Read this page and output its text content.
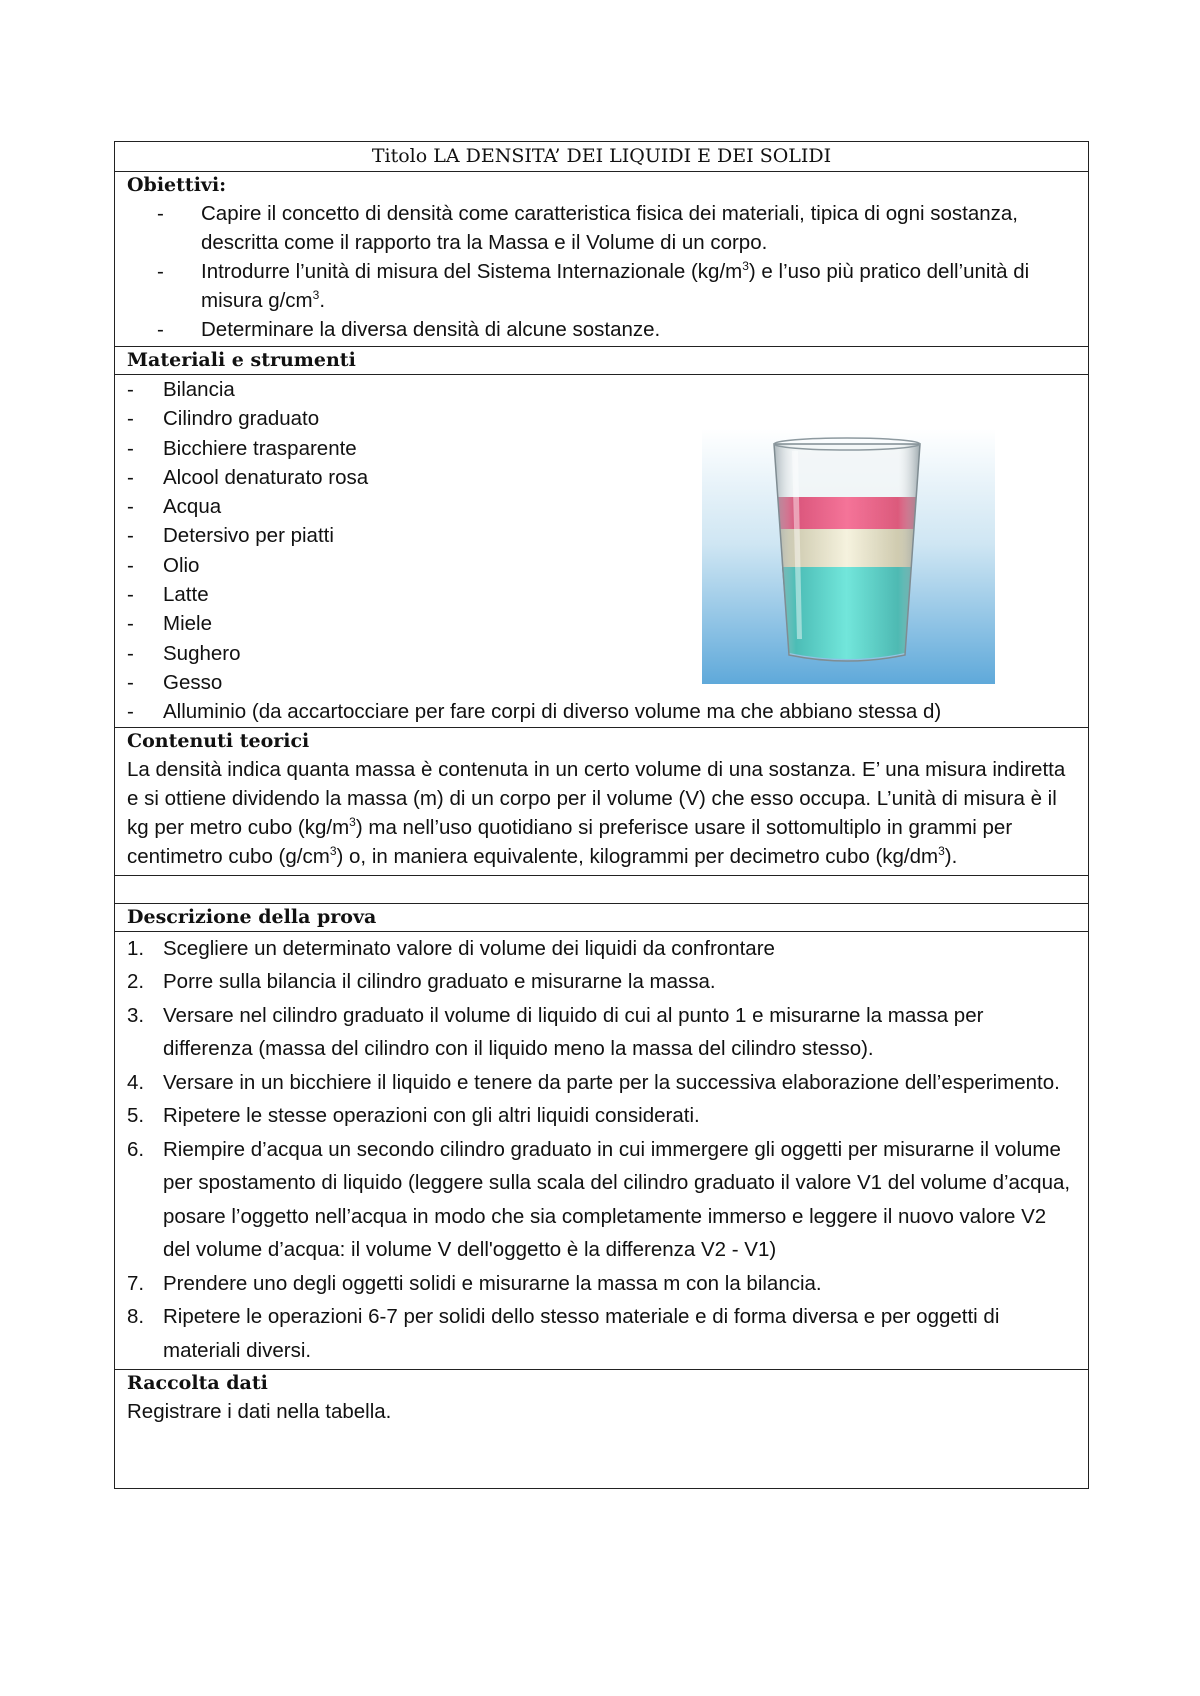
Titolo LA DENSITA’ DEI LIQUIDI E DEI SOLIDI

Obiettivi:
- Capire il concetto di densità come caratteristica fisica dei materiali, tipica di ogni sostanza, descritta come il rapporto tra la Massa e il Volume di un corpo.
- Introdurre l’unità di misura del Sistema Internazionale $(kg/m^3)$ e l’uso più pratico dell’unità di misura $g/cm^3$.
- Determinare la diversa densità di alcune sostanze.

Materiali e strumenti

- Bilancia
- Cilindro graduato
- Bicchiere trasparente
- Alcool denaturato rosa
- Acqua
- Detersivo per piatti
- Olio
- Latte
- Miele
- Sughero
- Gesso
- Alluminio (da accartocciare per fare corpi di diverso volume ma che abbiano stessa d)

Contenuti teorici
La densità indica quanta massa è contenuta in un certo volume di una sostanza. E’ una misura indiretta e si ottiene dividendo la massa (m) di un corpo per il volume (V) che esso occupa. L’unità di misura è il kg per metro cubo $(kg/m^3)$ ma nell’uso quotidiano si preferisce usare il sottomultiplo in grammi per centimetro cubo $(g/cm^3)$ o, in maniera equivalente, kilogrammi per decimetro cubo $(kg/dm^3)$.

Descrizione della prova

1. Scegliere un determinato valore di volume dei liquidi da confrontare
2. Porre sulla bilancia il cilindro graduato e misurarne la massa.
3. Versare nel cilindro graduato il volume di liquido di cui al punto 1 e misurarne la massa per differenza (massa del cilindro con il liquido meno la massa del cilindro stesso).
4. Versare in un bicchiere il liquido e tenere da parte per la successiva elaborazione dell’esperimento.
5. Ripetere le stesse operazioni con gli altri liquidi considerati.
6. Riempire d’acqua un secondo cilindro graduato in cui immergere gli oggetti per misurarne il volume per spostamento di liquido (leggere sulla scala del cilindro graduato il valore V1 del volume d’acqua, posare l’oggetto nell’acqua in modo che sia completamente immerso e leggere il nuovo valore V2 del volume d’acqua: il volume V dell'oggetto è la differenza V2 - V1)
7. Prendere uno degli oggetti solidi e misurarne la massa m con la bilancia.
8. Ripetere le operazioni 6-7 per solidi dello stesso materiale e di forma diversa e per oggetti di materiali diversi.

Raccolta dati
Registrare i dati nella tabella.
